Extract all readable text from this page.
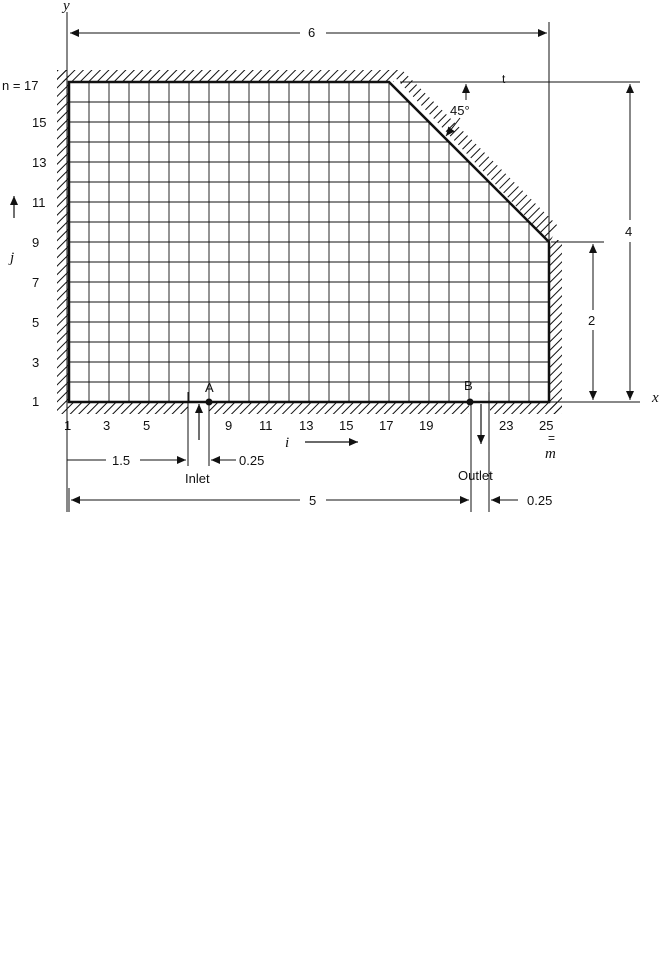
y
x
n = 17
1
3
5
7
9
11
13
15
j
1 3	5	9 11 13 15 17 19	23 25
=
m
i
Inlet	Outlet
A	B
6
t
4
2
45°
1.5	0.25
5	0.25
